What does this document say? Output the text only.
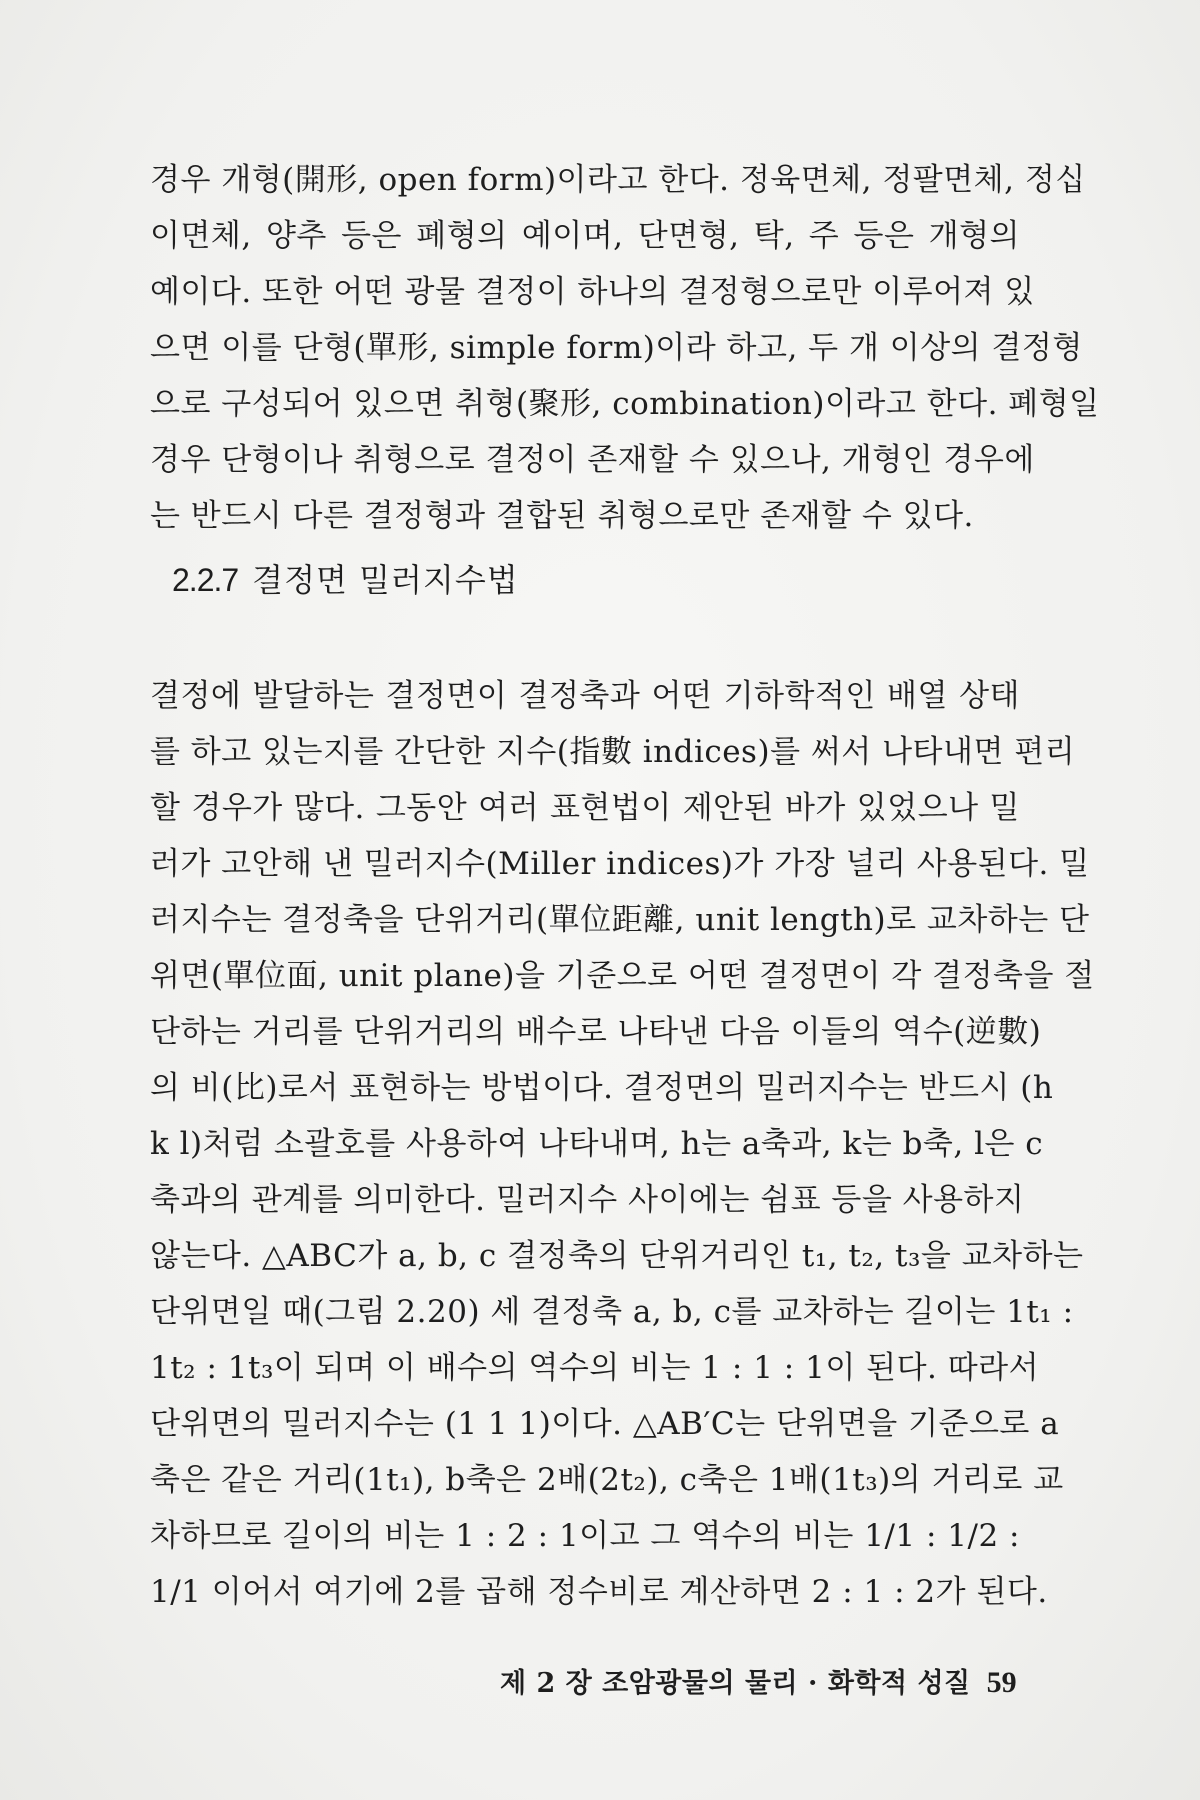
경우 개형(開形, open form)이라고 한다. 정육면체, 정팔면체, 정십
이면체, 양추 등은 폐형의 예이며, 단면형, 탁, 주 등은 개형의
예이다. 또한 어떤 광물 결정이 하나의 결정형으로만 이루어져 있
으면 이를 단형(單形, simple form)이라 하고, 두 개 이상의 결정형
으로 구성되어 있으면 취형(聚形, combination)이라고 한다. 폐형일
경우 단형이나 취형으로 결정이 존재할 수 있으나, 개형인 경우에
는 반드시 다른 결정형과 결합된 취형으로만 존재할 수 있다.
2.2.7 결정면 밀러지수법
결정에 발달하는 결정면이 결정축과 어떤 기하학적인 배열 상태
를 하고 있는지를 간단한 지수(指數 indices)를 써서 나타내면 편리
할 경우가 많다. 그동안 여러 표현법이 제안된 바가 있었으나 밀
러가 고안해 낸 밀러지수(Miller indices)가 가장 널리 사용된다. 밀
러지수는 결정축을 단위거리(單位距離, unit length)로 교차하는 단
위면(單位面, unit plane)을 기준으로 어떤 결정면이 각 결정축을 절
단하는 거리를 단위거리의 배수로 나타낸 다음 이들의 역수(逆數)
의 비(比)로서 표현하는 방법이다. 결정면의 밀러지수는 반드시 (h
k l)처럼 소괄호를 사용하여 나타내며, h는 a축과, k는 b축, l은 c
축과의 관계를 의미한다. 밀러지수 사이에는 쉼표 등을 사용하지
않는다. △ABC가 a, b, c 결정축의 단위거리인 t₁, t₂, t₃을 교차하는
단위면일 때(그림 2.20) 세 결정축 a, b, c를 교차하는 길이는 1t₁ :
1t₂ : 1t₃이 되며 이 배수의 역수의 비는 1 : 1 : 1이 된다. 따라서
단위면의 밀러지수는 (1 1 1)이다. △AB′C는 단위면을 기준으로 a
축은 같은 거리(1t₁), b축은 2배(2t₂), c축은 1배(1t₃)의 거리로 교
차하므로 길이의 비는 1 : 2 : 1이고 그 역수의 비는 1/1 : 1/2 :
1/1 이어서 여기에 2를 곱해 정수비로 계산하면 2 : 1 : 2가 된다.
제 2 장 조암광물의 물리 · 화학적 성질 59
